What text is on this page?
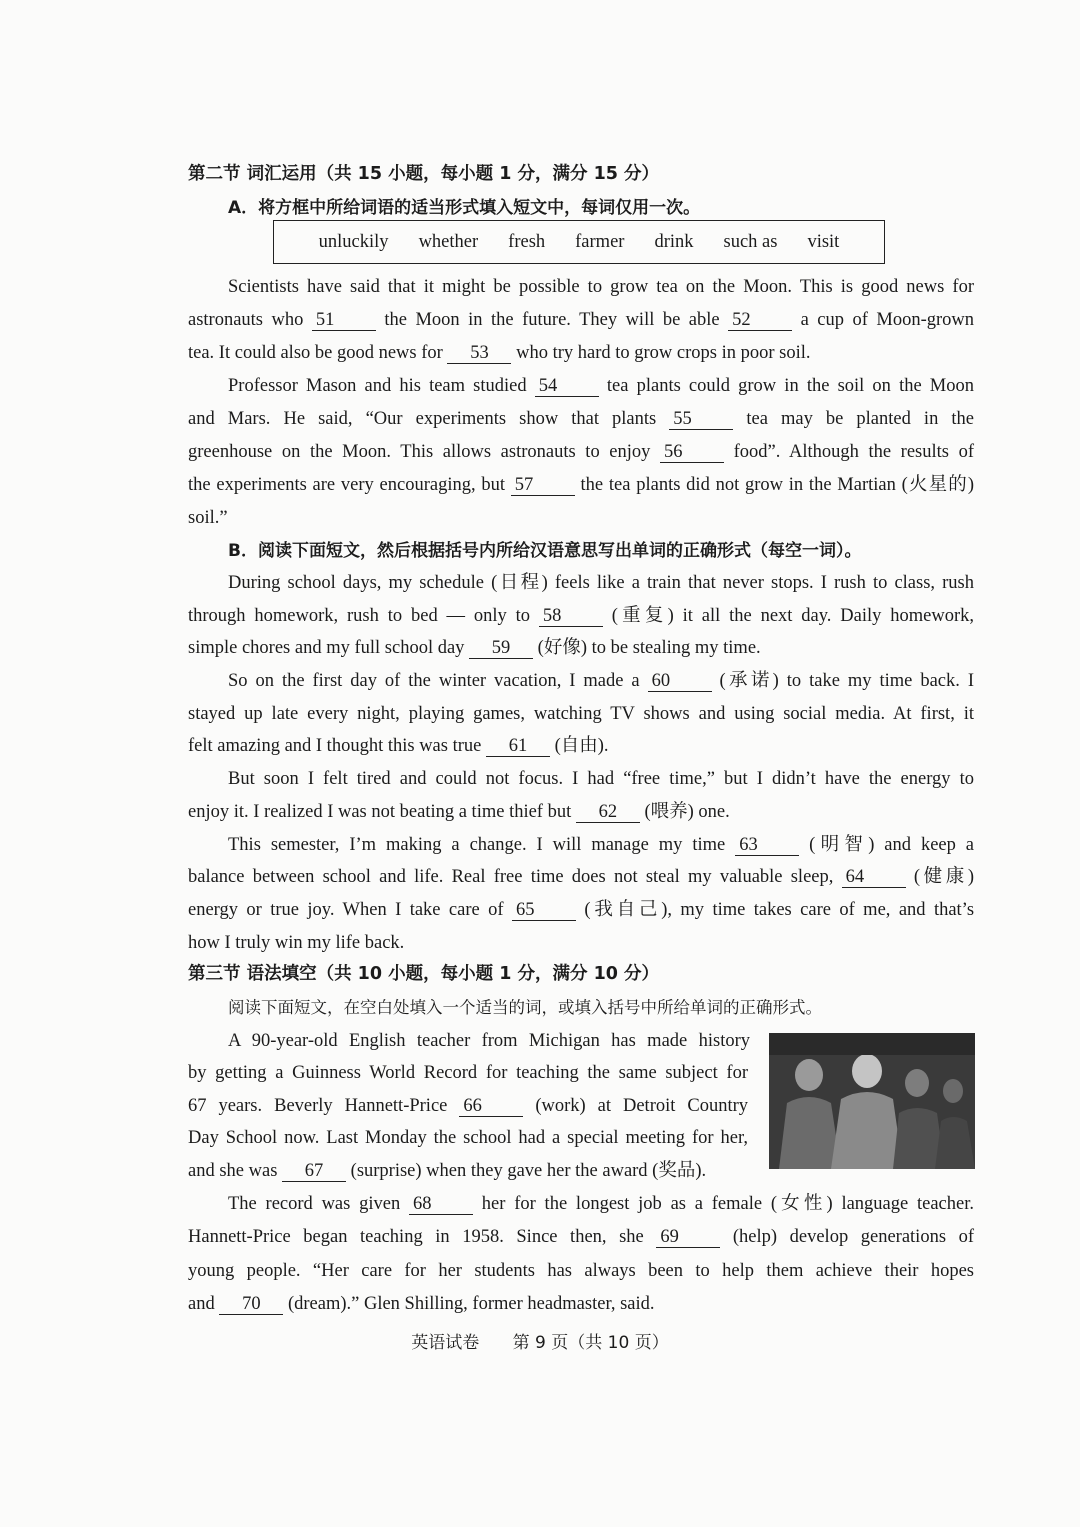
第二节 词汇运用（共 15 小题，每小题 1 分，满分 15 分）
A．将方框中所给词语的适当形式填入短文中，每词仅用一次。
unluckily whether fresh farmer drink such as visit
Scientists have said that it might be possible to grow tea on the Moon. This is good news for
astronauts who 51	the Moon in the future. They will be able 52	a cup of Moon-grown
tea. It could also be good news for 53 who try hard to grow crops in poor soil.
Professor Mason and his team studied 54	tea plants could grow in the soil on the Moon
and Mars. He said, “Our experiments show that plants 55	tea may be planted in the
greenhouse on the Moon. This allows astronauts to enjoy 56	food”. Although the results of
the experiments are very encouraging, but 57	the tea plants did not grow in the Martian (火星的)
soil.”
B．阅读下面短文，然后根据括号内所给汉语意思写出单词的正确形式（每空一词）。
During school days, my schedule (日程) feels like a train that never stops. I rush to class, rush
through homework, rush to bed — only to 58	(重复) it all the next day. Daily homework,
simple chores and my full school day 59 (好像) to be stealing my time.
So on the first day of the winter vacation, I made a 60	(承诺) to take my time back. I
stayed up late every night, playing games, watching TV shows and using social media. At first, it
felt amazing and I thought this was true 61 (自由).
But soon I felt tired and could not focus. I had “free time,” but I didn’t have the energy to
enjoy it. I realized I was not beating a time thief but 62 (喂养) one.
This semester, I’m making a change. I will manage my time 63	(明智) and keep a
balance between school and life. Real free time does not steal my valuable sleep, 64	(健康)
energy or true joy. When I take care of 65	(我自己), my time takes care of me, and that’s
how I truly win my life back.
第三节 语法填空（共 10 小题，每小题 1 分，满分 10 分）
阅读下面短文，在空白处填入一个适当的词，或填入括号中所给单词的正确形式。
A 90-year-old English teacher from Michigan has made history
by getting a Guinness World Record for teaching the same subject for
67 years. Beverly Hannett-Price 66	(work) at Detroit Country
Day School now. Last Monday the school had a special meeting for her,
and she was 67 (surprise) when they gave her the award (奖品).
The record was given 68	her for the longest job as a female (女性) language teacher.
Hannett-Price began teaching in 1958. Since then, she 69	(help) develop generations of
young people. “Her care for her students has always been to help them achieve their hopes
and 70 (dream).” Glen Shilling, former headmaster, said.
英语试卷 第 9 页（共 10 页）
